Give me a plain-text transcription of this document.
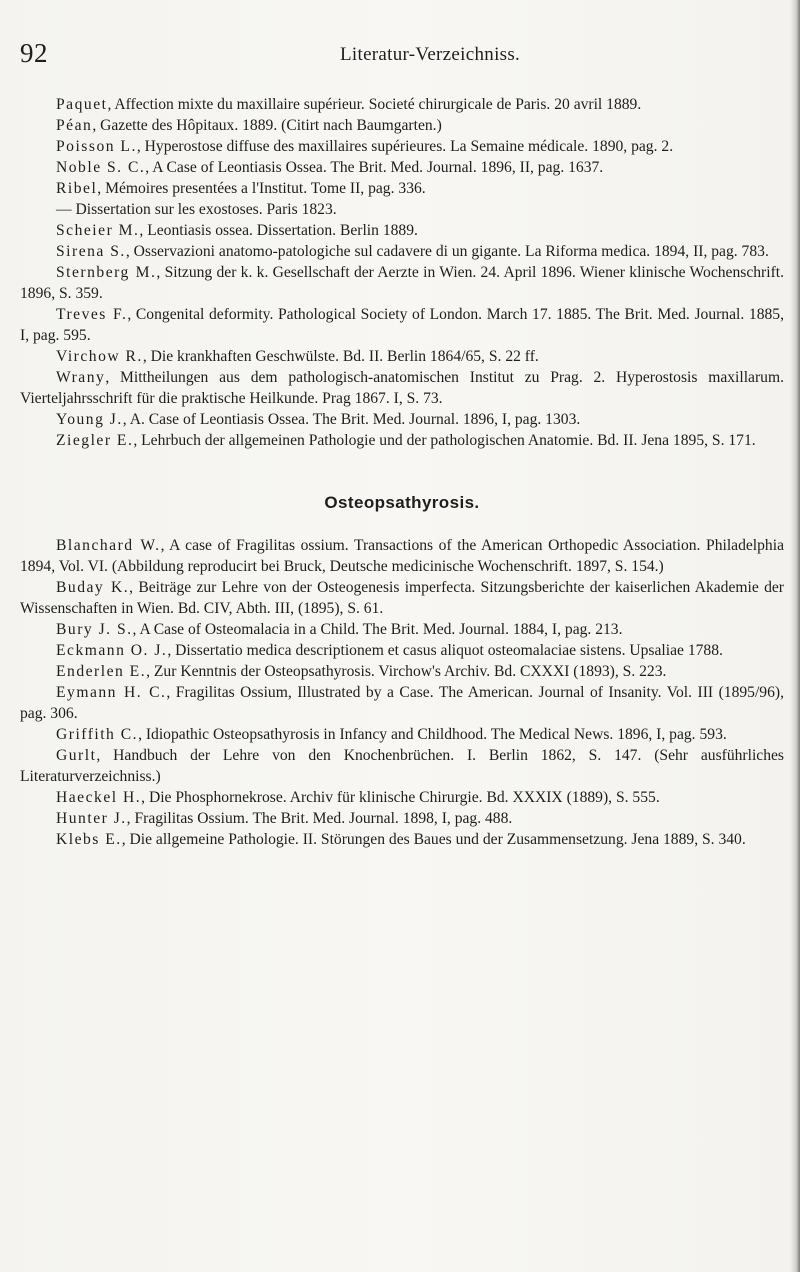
92	Literatur-Verzeichniss.

Paquet, Affection mixte du maxillaire supérieur. Societé chirurgicale de Paris. 20 avril 1889.

Péan, Gazette des Hôpitaux. 1889. (Citirt nach Baumgarten.)

Poisson L., Hyperostose diffuse des maxillaires supérieures. La Semaine médicale. 1890, pag. 2.

Noble S. C., A Case of Leontiasis Ossea. The Brit. Med. Journal. 1896, II, pag. 1637.

Ribel, Mémoires presentées a l'Institut. Tome II, pag. 336.

— Dissertation sur les exostoses. Paris 1823.

Scheier M., Leontiasis ossea. Dissertation. Berlin 1889.

Sirena S., Osservazioni anatomo-patologiche sul cadavere di un gigante. La Riforma medica. 1894, II, pag. 783.

Sternberg M., Sitzung der k. k. Gesellschaft der Aerzte in Wien. 24. April 1896. Wiener klinische Wochenschrift. 1896, S. 359.

Treves F., Congenital deformity. Pathological Society of London. March 17. 1885. The Brit. Med. Journal. 1885, I, pag. 595.

Virchow R., Die krankhaften Geschwülste. Bd. II. Berlin 1864/65, S. 22 ff.

Wrany, Mittheilungen aus dem pathologisch-anatomischen Institut zu Prag. 2. Hyperostosis maxillarum. Vierteljahrsschrift für die praktische Heilkunde. Prag 1867. I, S. 73.

Young J., A. Case of Leontiasis Ossea. The Brit. Med. Journal. 1896, I, pag. 1303.

Ziegler E., Lehrbuch der allgemeinen Pathologie und der pathologischen Anatomie. Bd. II. Jena 1895, S. 171.

Osteopsathyrosis.

Blanchard W., A case of Fragilitas ossium. Transactions of the American Orthopedic Association. Philadelphia 1894, Vol. VI. (Abbildung reproducirt bei Bruck, Deutsche medicinische Wochenschrift. 1897, S. 154.)

Buday K., Beiträge zur Lehre von der Osteogenesis imperfecta. Sitzungsberichte der kaiserlichen Akademie der Wissenschaften in Wien. Bd. CIV, Abth. III, (1895), S. 61.

Bury J. S., A Case of Osteomalacia in a Child. The Brit. Med. Journal. 1884, I, pag. 213.

Eckmann O. J., Dissertatio medica descriptionem et casus aliquot osteomalaciae sistens. Upsaliae 1788.

Enderlen E., Zur Kenntnis der Osteopsathyrosis. Virchow's Archiv. Bd. CXXXI (1893), S. 223.

Eymann H. C., Fragilitas Ossium, Illustrated by a Case. The American. Journal of Insanity. Vol. III (1895/96), pag. 306.

Griffith C., Idiopathic Osteopsathyrosis in Infancy and Childhood. The Medical News. 1896, I, pag. 593.

Gurlt, Handbuch der Lehre von den Knochenbrüchen. I. Berlin 1862, S. 147. (Sehr ausführliches Literaturverzeichniss.)

Haeckel H., Die Phosphornekrose. Archiv für klinische Chirurgie. Bd. XXXIX (1889), S. 555.

Hunter J., Fragilitas Ossium. The Brit. Med. Journal. 1898, I, pag. 488.

Klebs E., Die allgemeine Pathologie. II. Störungen des Baues und der Zusammensetzung. Jena 1889, S. 340.
